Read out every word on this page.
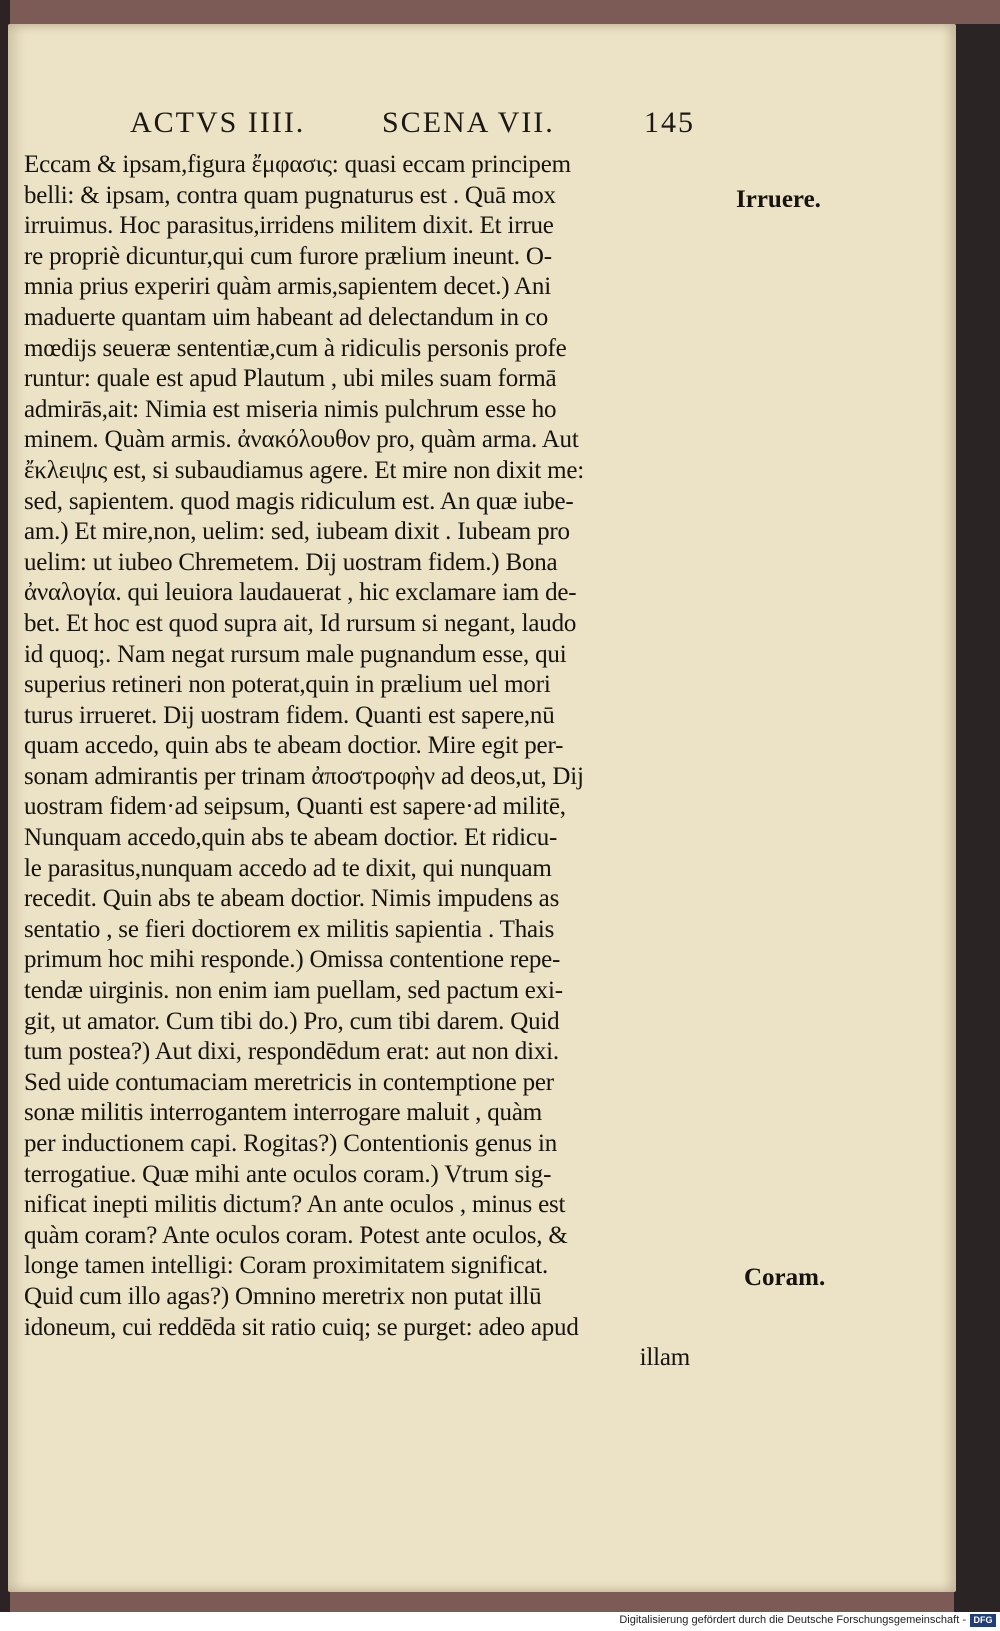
ACTVS IIII.	SCENA VII.	145
Eccam & ipsam,figura ἔμφασις: quasi eccam principem
belli: & ipsam, contra quam pugnaturus est . Quā mox
irruimus. Hoc parasitus,irridens militem dixit. Et irrue
re propriè dicuntur,qui cum furore prælium ineunt. O-
mnia prius experiri quàm armis,sapientem decet.) Ani
maduerte quantam uim habeant ad delectandum in co
mœdijs seueræ sententiæ,cum à ridiculis personis profe
runtur: quale est apud Plautum , ubi miles suam formā
admirās,ait: Nimia est miseria nimis pulchrum esse ho
minem. Quàm armis. ἀνακόλουθον pro, quàm arma. Aut
ἔκλειψις est, si subaudiamus agere. Et mire non dixit me:
sed, sapientem. quod magis ridiculum est. An quæ iube-
am.) Et mire,non, uelim: sed, iubeam dixit . Iubeam pro
uelim: ut iubeo Chremetem. Dij uostram fidem.) Bona
ἀναλογία. qui leuiora laudauerat , hic exclamare iam de-
bet. Et hoc est quod supra ait, Id rursum si negant, laudo
id quoq;. Nam negat rursum male pugnandum esse, qui
superius retineri non poterat,quin in prælium uel mori
turus irrueret. Dij uostram fidem. Quanti est sapere,nū
quam accedo, quin abs te abeam doctior. Mire egit per-
sonam admirantis per trinam ἀποστροφὴν ad deos,ut, Dij
uostram fidem·ad seipsum, Quanti est sapere·ad militē,
Nunquam accedo,quin abs te abeam doctior. Et ridicu-
le parasitus,nunquam accedo ad te dixit, qui nunquam
recedit. Quin abs te abeam doctior. Nimis impudens as
sentatio , se fieri doctiorem ex militis sapientia . Thais
primum hoc mihi responde.) Omissa contentione repe-
tendæ uirginis. non enim iam puellam, sed pactum exi-
git, ut amator. Cum tibi do.) Pro, cum tibi darem. Quid
tum postea?) Aut dixi, respondēdum erat: aut non dixi.
Sed uide contumaciam meretricis in contemptione per
sonæ militis interrogantem interrogare maluit , quàm
per inductionem capi. Rogitas?) Contentionis genus in
terrogatiue. Quæ mihi ante oculos coram.) Vtrum sig-
nificat inepti militis dictum? An ante oculos , minus est
quàm coram? Ante oculos coram. Potest ante oculos, &
longe tamen intelligi: Coram proximitatem significat.
Quid cum illo agas?) Omnino meretrix non putat illū
idoneum, cui reddēda sit ratio cuiq; se purget: adeo apud
illam
Irruere.
Coram.
Digitalisierung gefördert durch die Deutsche Forschungsgemeinschaft - DFG
